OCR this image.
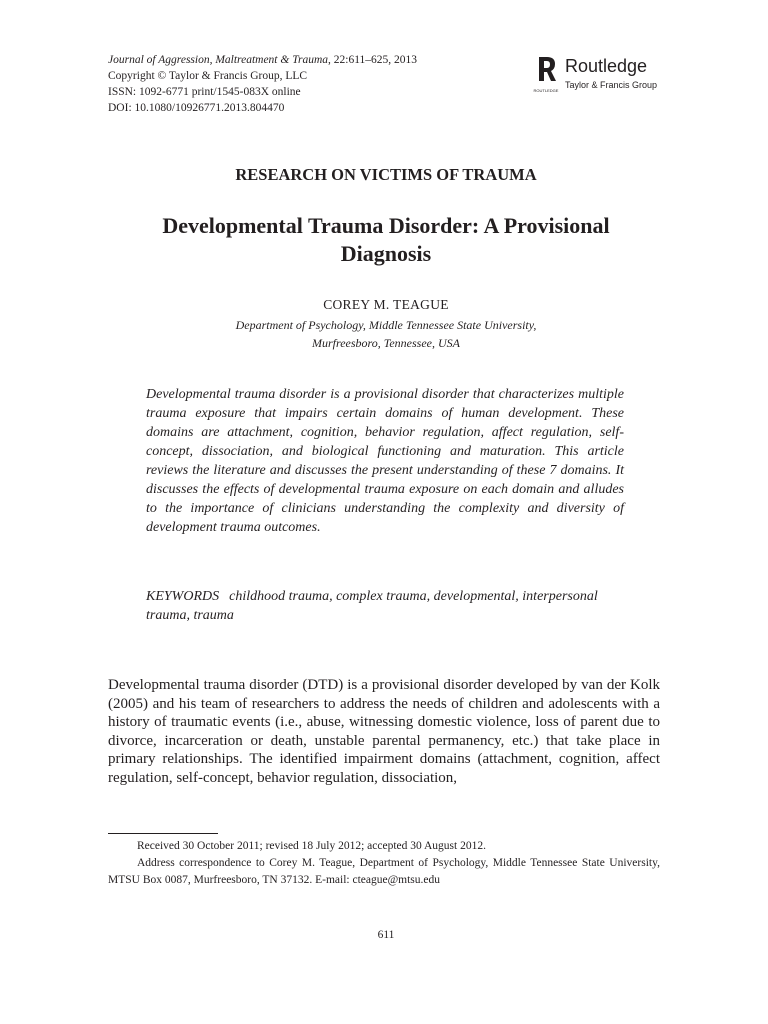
Journal of Aggression, Maltreatment & Trauma, 22:611–625, 2013
Copyright © Taylor & Francis Group, LLC
ISSN: 1092-6771 print/1545-083X online
DOI: 10.1080/10926771.2013.804470
ROUTLEDGE
Routledge
Taylor & Francis Group
RESEARCH ON VICTIMS OF TRAUMA
Developmental Trauma Disorder: A Provisional
Diagnosis
COREY M. TEAGUE
Department of Psychology, Middle Tennessee State University,
Murfreesboro, Tennessee, USA
Developmental trauma disorder is a provisional disorder that characterizes multiple trauma exposure that impairs certain domains of human development. These domains are attachment, cognition, behavior regulation, affect regulation, self-concept, dissociation, and biological functioning and maturation. This article reviews the literature and discusses the present understanding of these 7 domains. It discusses the effects of developmental trauma exposure on each domain and alludes to the importance of clinicians understanding the complexity and diversity of development trauma outcomes.
KEYWORDS childhood trauma, complex trauma, developmental, interpersonal trauma, trauma
Developmental trauma disorder (DTD) is a provisional disorder developed by van der Kolk (2005) and his team of researchers to address the needs of children and adolescents with a history of traumatic events (i.e., abuse, witnessing domestic violence, loss of parent due to divorce, incarceration or death, unstable parental permanency, etc.) that take place in primary relationships. The identified impairment domains (attachment, cognition, affect regulation, self-concept, behavior regulation, dissociation,
Received 30 October 2011; revised 18 July 2012; accepted 30 August 2012.
Address correspondence to Corey M. Teague, Department of Psychology, Middle Tennessee State University, MTSU Box 0087, Murfreesboro, TN 37132. E-mail: cteague@mtsu.edu
611
